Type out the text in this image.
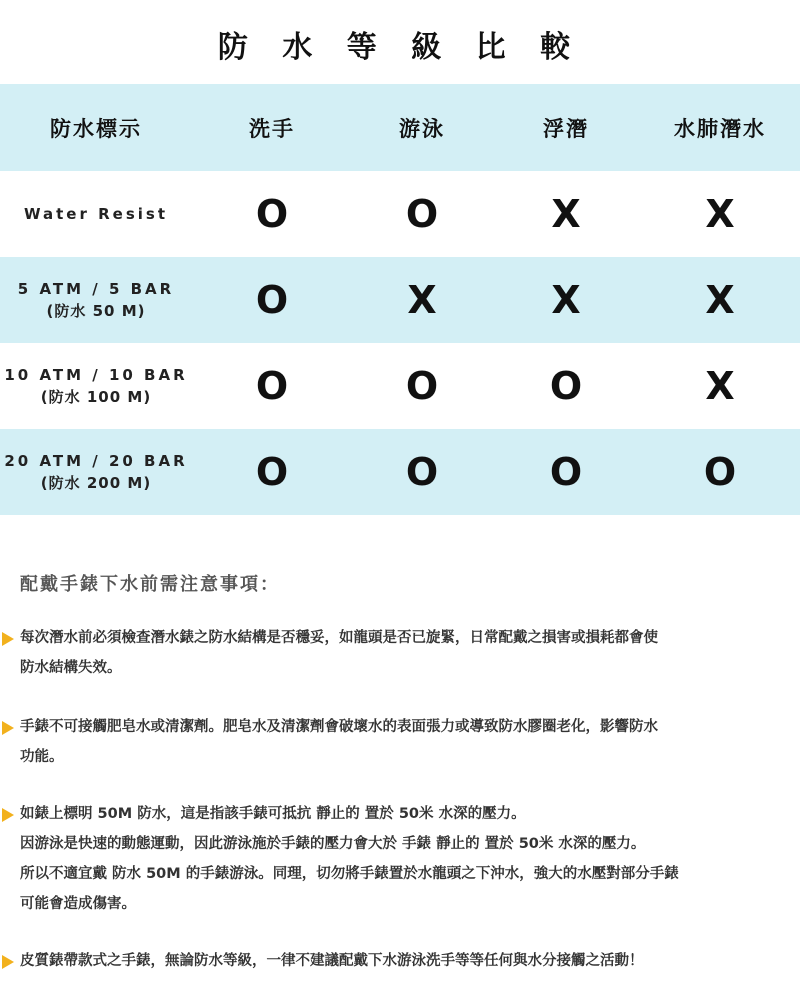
防 水 等 級 比 較
防水標示	洗手	游泳	浮潛	水肺潛水

Water Resist	O	O	X	X

5 ATM / 5 BAR
(防水 50 M)	O	X	X	X

10 ATM / 10 BAR
(防水 100 M)	O	O	O	X

20 ATM / 20 BAR
(防水 200 M)	O	O	O	O
配戴手錶下水前需注意事項：
每次潛水前必須檢查潛水錶之防水結構是否穩妥，如龍頭是否已旋緊，日常配戴之損害或損耗都會使
防水結構失效。
手錶不可接觸肥皂水或清潔劑。肥皂水及清潔劑會破壞水的表面張力或導致防水膠圈老化，影響防水
功能。
如錶上標明 50M 防水，這是指該手錶可抵抗 靜止的 置於 50米 水深的壓力。
因游泳是快速的動態運動，因此游泳施於手錶的壓力會大於 手錶 靜止的 置於 50米 水深的壓力。
所以不適宜戴 防水 50M 的手錶游泳。同理，切勿將手錶置於水龍頭之下沖水，強大的水壓對部分手錶
可能會造成傷害。
皮質錶帶款式之手錶，無論防水等級，一律不建議配戴下水游泳洗手等等任何與水分接觸之活動！
